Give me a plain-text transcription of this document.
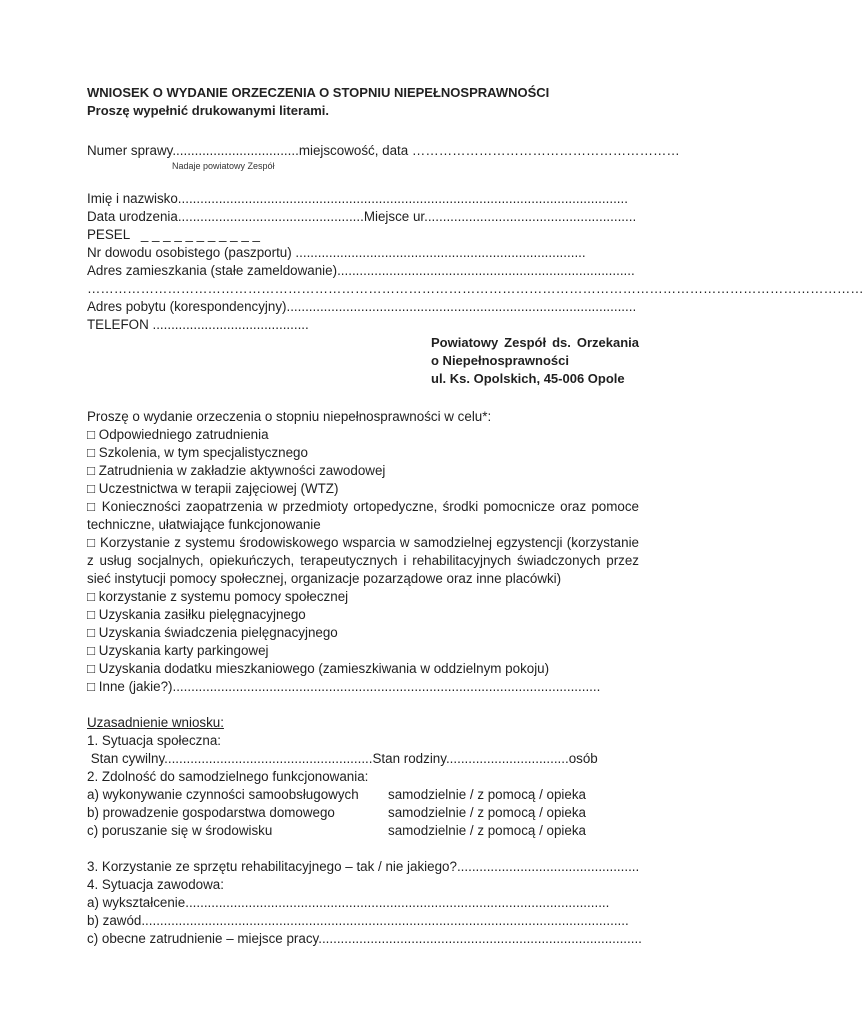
WNIOSEK O WYDANIE ORZECZENIA O STOPNIU NIEPEŁNOSPRAWNOŚCI
Proszę wypełnić drukowanymi literami.
Numer sprawy.................................. miejscowość, data ……………………………………………………
Nadaje powiatowy Zespół
Imię i nazwisko.........................................................................................................................
Data urodzenia.................................................. Miejsce ur.........................................................
PESEL   _ _ _ _ _ _ _ _ _ _ _
Nr dowodu osobistego (paszportu) ..............................................................................
Adres zamieszkania (stałe zameldowanie)................................................................................
…………………………………………………………………………………………………………………………………………………………
Adres pobytu (korespondencyjny)..............................................................................................
TELEFON ..........................................
Powiatowy Zespół ds. Orzekania
o Niepełnosprawności
ul. Ks. Opolskich, 45-006 Opole
Proszę o wydanie orzeczenia o stopniu niepełnosprawności w celu*:
□ Odpowiedniego zatrudnienia
□ Szkolenia, w tym specjalistycznego
□ Zatrudnienia w zakładzie aktywności zawodowej
□ Uczestnictwa w terapii zajęciowej (WTZ)
□ Konieczności zaopatrzenia w przedmioty ortopedyczne, środki pomocnicze oraz pomoce techniczne, ułatwiające funkcjonowanie
□ Korzystanie z systemu środowiskowego wsparcia w samodzielnej egzystencji (korzystanie z usług socjalnych, opiekuńczych, terapeutycznych i rehabilitacyjnych świadczonych przez sieć instytucji pomocy społecznej, organizacje pozarządowe oraz inne placówki)
□ korzystanie z systemu pomocy społecznej
□ Uzyskania zasiłku pielęgnacyjnego
□ Uzyskania świadczenia pielęgnacyjnego
□ Uzyskania karty parkingowej
□ Uzyskania dodatku mieszkaniowego (zamieszkiwania w oddzielnym pokoju)
□ Inne (jakie?)...................................................................................................................
Uzasadnienie wniosku:
1. Sytuacja społeczna:
Stan cywilny........................................................ Stan rodziny.................................osób
2. Zdolność do samodzielnego funkcjonowania:
a) wykonywanie czynności samoobsługowych	samodzielnie / z pomocą / opieka
b) prowadzenie gospodarstwa domowego	samodzielnie / z pomocą / opieka
c) poruszanie się w środowisku	samodzielnie / z pomocą / opieka
3. Korzystanie ze sprzętu rehabilitacyjnego – tak / nie jakiego?.................................................
4. Sytuacja zawodowa:
a) wykształcenie..................................................................................................................
b) zawód...................................................................................................................................
c) obecne zatrudnienie – miejsce pracy.......................................................................................
